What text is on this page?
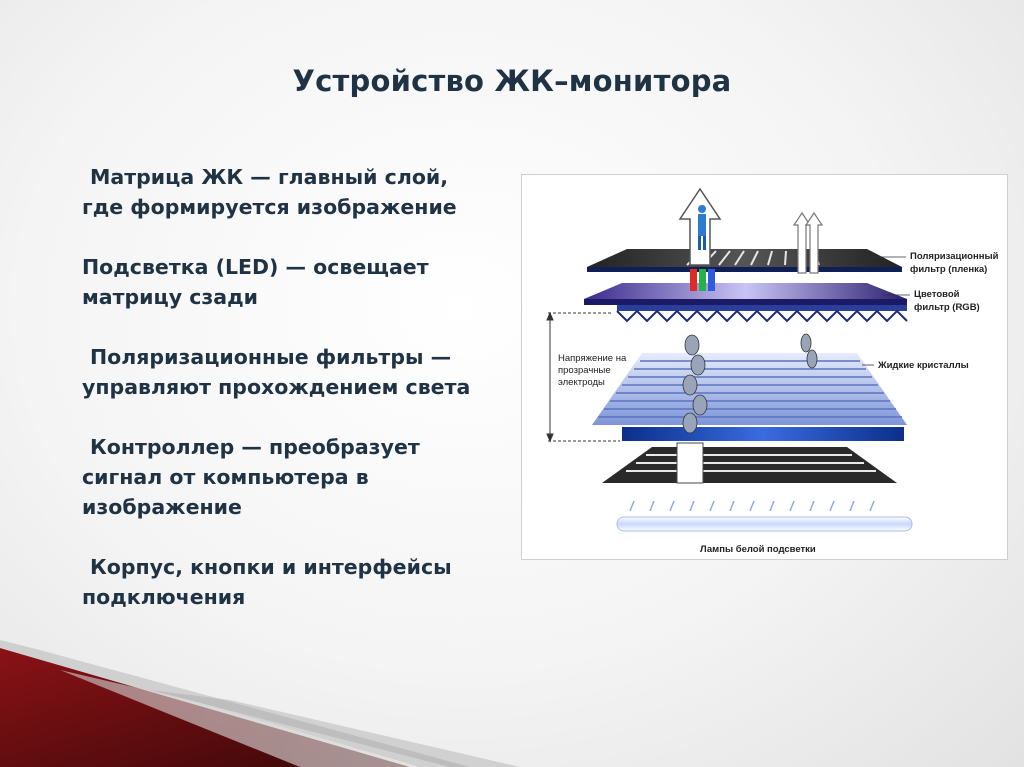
Устройство ЖК–монитора
Матрица ЖК — главный слой,
где формируется изображение
Подсветка (LED) — освещает
матрицу сзади
Поляризационные фильтры —
управляют прохождением света
Контроллер — преобразует
сигнал от компьютера в
изображение
Корпус, кнопки и интерфейсы
подключения
Поляризационный
фильтр (пленка)
Цветовой
фильтр (RGB)
Жидкие кристаллы
Напряжение на
прозрачные
электроды
Лампы белой подсветки
